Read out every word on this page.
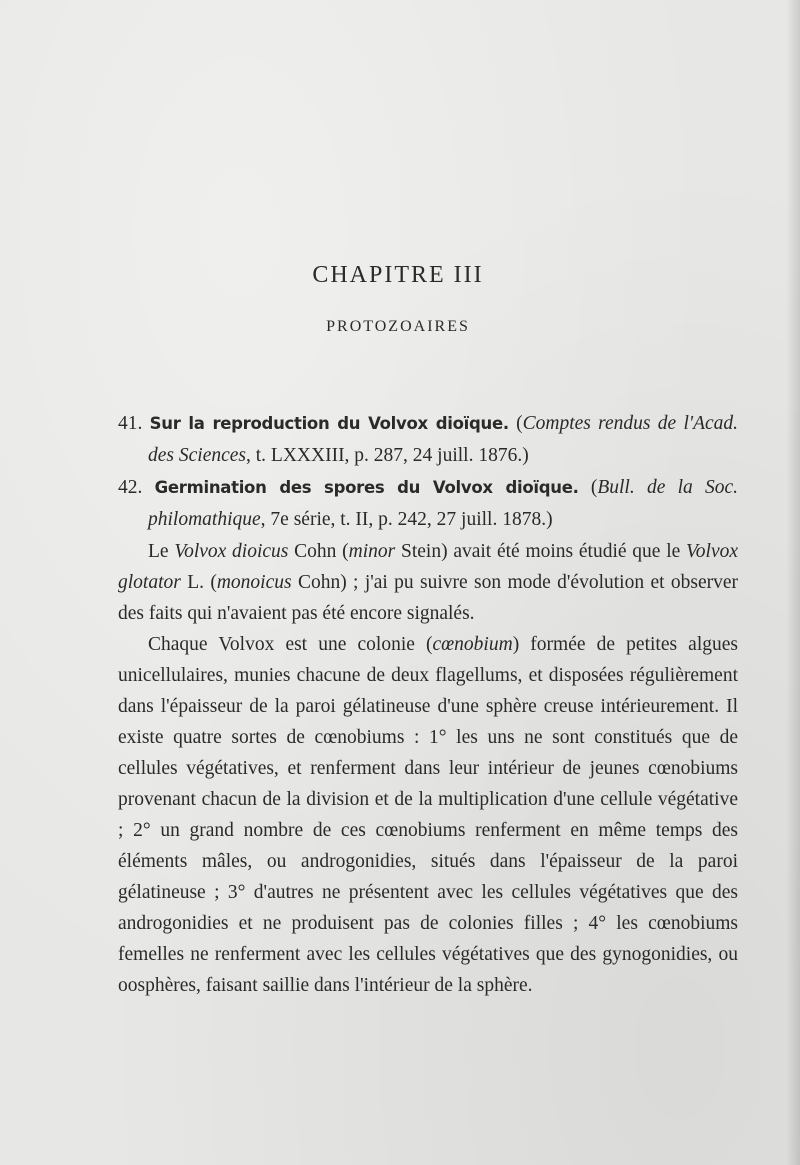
CHAPITRE III
PROTOZOAIRES

41. Sur la reproduction du Volvox dioïque. (Comptes rendus de l'Acad. des Sciences, t. LXXXIII, p. 287, 24 juill. 1876.)

42. Germination des spores du Volvox dioïque. (Bull. de la Soc. philomathique, 7e série, t. II, p. 242, 27 juill. 1878.)

Le Volvox dioicus Cohn (minor Stein) avait été moins étudié que le Volvox glotator L. (monoicus Cohn) ; j'ai pu suivre son mode d'évolution et observer des faits qui n'avaient pas été encore signalés.

Chaque Volvox est une colonie (cœnobium) formée de petites algues unicellulaires, munies chacune de deux flagellums, et disposées régulièrement dans l'épaisseur de la paroi gélatineuse d'une sphère creuse intérieurement. Il existe quatre sortes de cœnobiums : 1° les uns ne sont constitués que de cellules végétatives, et renferment dans leur intérieur de jeunes cœnobiums provenant chacun de la division et de la multiplication d'une cellule végétative ; 2° un grand nombre de ces cœnobiums renferment en même temps des éléments mâles, ou androgonidies, situés dans l'épaisseur de la paroi gélatineuse ; 3° d'autres ne présentent avec les cellules végétatives que des androgonidies et ne produisent pas de colonies filles ; 4° les cœnobiums femelles ne renferment avec les cellules végétatives que des gynogonidies, ou oosphères, faisant saillie dans l'intérieur de la sphère.
